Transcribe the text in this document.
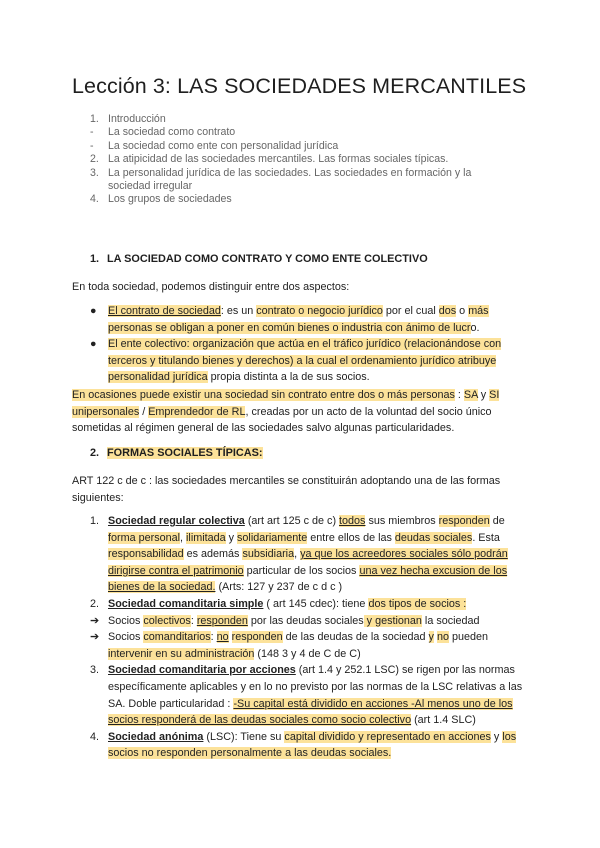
Lección 3: LAS SOCIEDADES MERCANTILES
1. Introducción
-	La sociedad como contrato
-	La sociedad como ente con personalidad jurídica
2. La atipicidad de las sociedades mercantiles. Las formas sociales típicas.
3. La personalidad jurídica de las sociedades. Las sociedades en formación y la sociedad irregular
4. Los grupos de sociedades
1. LA SOCIEDAD COMO CONTRATO Y COMO ENTE COLECTIVO
En toda sociedad, podemos distinguir entre dos aspectos:
●	El contrato de sociedad: es un contrato o negocio jurídico por el cual dos o más personas se obligan a poner en común bienes o industria con ánimo de lucro.
●	El ente colectivo: organización que actúa en el tráfico jurídico (relacionándose con terceros y titulando bienes y derechos) a la cual el ordenamiento jurídico atribuye personalidad jurídica propia distinta a la de sus socios.
En ocasiones puede existir una sociedad sin contrato entre dos o más personas : SA y SI unipersonales / Emprendedor de RL, creadas por un acto de la voluntad del socio único sometidas al régimen general de las sociedades salvo algunas particularidades.
2. FORMAS SOCIALES TÍPICAS:
ART 122 c de c : las sociedades mercantiles se constituirán adoptando una de las formas siguientes:
1. Sociedad regular colectiva (art art 125 c de c) todos sus miembros responden de forma personal, ilimitada y solidariamente entre ellos de las deudas sociales. Esta responsabilidad es además subsidiaria, ya que los acreedores sociales sólo podrán dirigirse contra el patrimonio particular de los socios una vez hecha excusion de los bienes de la sociedad. (Arts: 127 y 237 de c d c )
2. Sociedad comanditaria simple ( art 145 cdec): tiene dos tipos de socios :
➔ Socios colectivos: responden por las deudas sociales y gestionan la sociedad
➔ Socios comanditarios: no responden de las deudas de la sociedad y no pueden intervenir en su administración (148 3 y 4 de C de C)
3. Sociedad comanditaria por acciones (art 1.4 y 252.1 LSC) se rigen por las normas específicamente aplicables y en lo no previsto por las normas de la LSC relativas a las SA. Doble particularidad : -Su capital está dividido en acciones -Al menos uno de los socios responderá de las deudas sociales como socio colectivo (art 1.4 SLC)
4. Sociedad anónima (LSC): Tiene su capital dividido y representado en acciones y los socios no responden personalmente a las deudas sociales.
